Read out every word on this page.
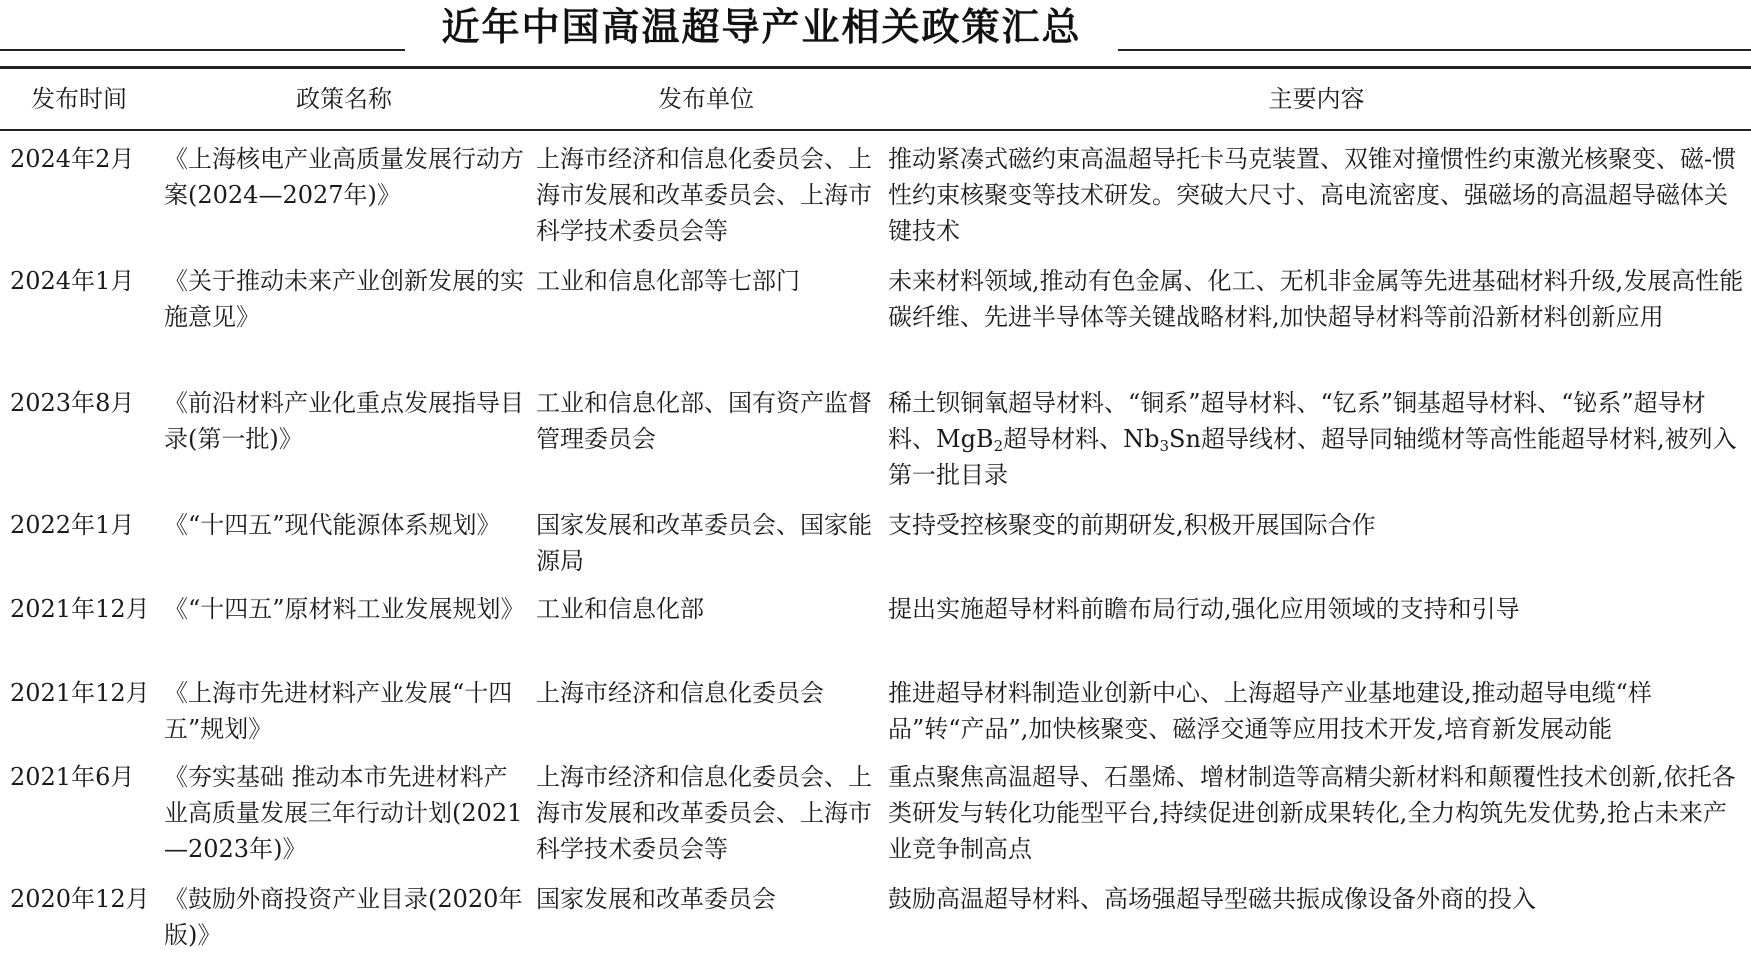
近年中国高温超导产业相关政策汇总
发布时间	政策名称	发布单位	主要内容
2024年2月	《上海核电产业高质量发展行动方案(2024—2027年)》	上海市经济和信息化委员会、上海市发展和改革委员会、上海市科学技术委员会等	推动紧凑式磁约束高温超导托卡马克装置、双锥对撞惯性约束激光核聚变、磁-惯性约束核聚变等技术研发。突破大尺寸、高电流密度、强磁场的高温超导磁体关键技术
2024年1月	《关于推动未来产业创新发展的实施意见》	工业和信息化部等七部门	未来材料领域,推动有色金属、化工、无机非金属等先进基础材料升级,发展高性能碳纤维、先进半导体等关键战略材料,加快超导材料等前沿新材料创新应用
2023年8月	《前沿材料产业化重点发展指导目录(第一批)》	工业和信息化部、国有资产监督管理委员会	稀土钡铜氧超导材料、“铜系”超导材料、“钇系”铜基超导材料、“铋系”超导材料、MgB$_2$超导材料、$Nb_3Sn$超导线材、超导同轴缆材等高性能超导材料,被列入第一批目录
2022年1月	《“十四五”现代能源体系规划》	国家发展和改革委员会、国家能源局	支持受控核聚变的前期研发,积极开展国际合作
2021年12月	《“十四五”原材料工业发展规划》	工业和信息化部	提出实施超导材料前瞻布局行动,强化应用领域的支持和引导
2021年12月	《上海市先进材料产业发展“十四五”规划》	上海市经济和信息化委员会	推进超导材料制造业创新中心、上海超导产业基地建设,推动超导电缆“样品”转“产品”,加快核聚变、磁浮交通等应用技术开发,培育新发展动能
2021年6月	《夯实基础 推动本市先进材料产业高质量发展三年行动计划(2021—2023年)》	上海市经济和信息化委员会、上海市发展和改革委员会、上海市科学技术委员会等	重点聚焦高温超导、石墨烯、增材制造等高精尖新材料和颠覆性技术创新,依托各类研发与转化功能型平台,持续促进创新成果转化,全力构筑先发优势,抢占未来产业竞争制高点
2020年12月	《鼓励外商投资产业目录(2020年版)》	国家发展和改革委员会	鼓励高温超导材料、高场强超导型磁共振成像设备外商的投入
